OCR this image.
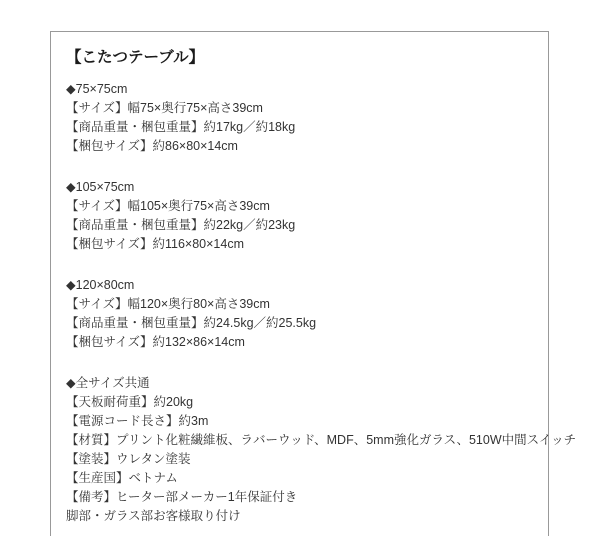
【こたつテーブル】

◆75×75cm

【サイズ】幅75×奥行75×高さ39cm

【商品重量・梱包重量】約17kg／約18kg

【梱包サイズ】約86×80×14cm

◆105×75cm

【サイズ】幅105×奥行75×高さ39cm

【商品重量・梱包重量】約22kg／約23kg

【梱包サイズ】約116×80×14cm

◆120×80cm

【サイズ】幅120×奥行80×高さ39cm

【商品重量・梱包重量】約24.5kg／約25.5kg

【梱包サイズ】約132×86×14cm

◆全サイズ共通

【天板耐荷重】約20kg

【電源コード長さ】約3m

【材質】プリント化粧繊維板、ラバーウッド、MDF、5mm強化ガラス、510W中間スイッチ

【塗装】ウレタン塗装

【生産国】ベトナム

【備考】ヒーター部メーカー1年保証付き

脚部・ガラス部お客様取り付け
